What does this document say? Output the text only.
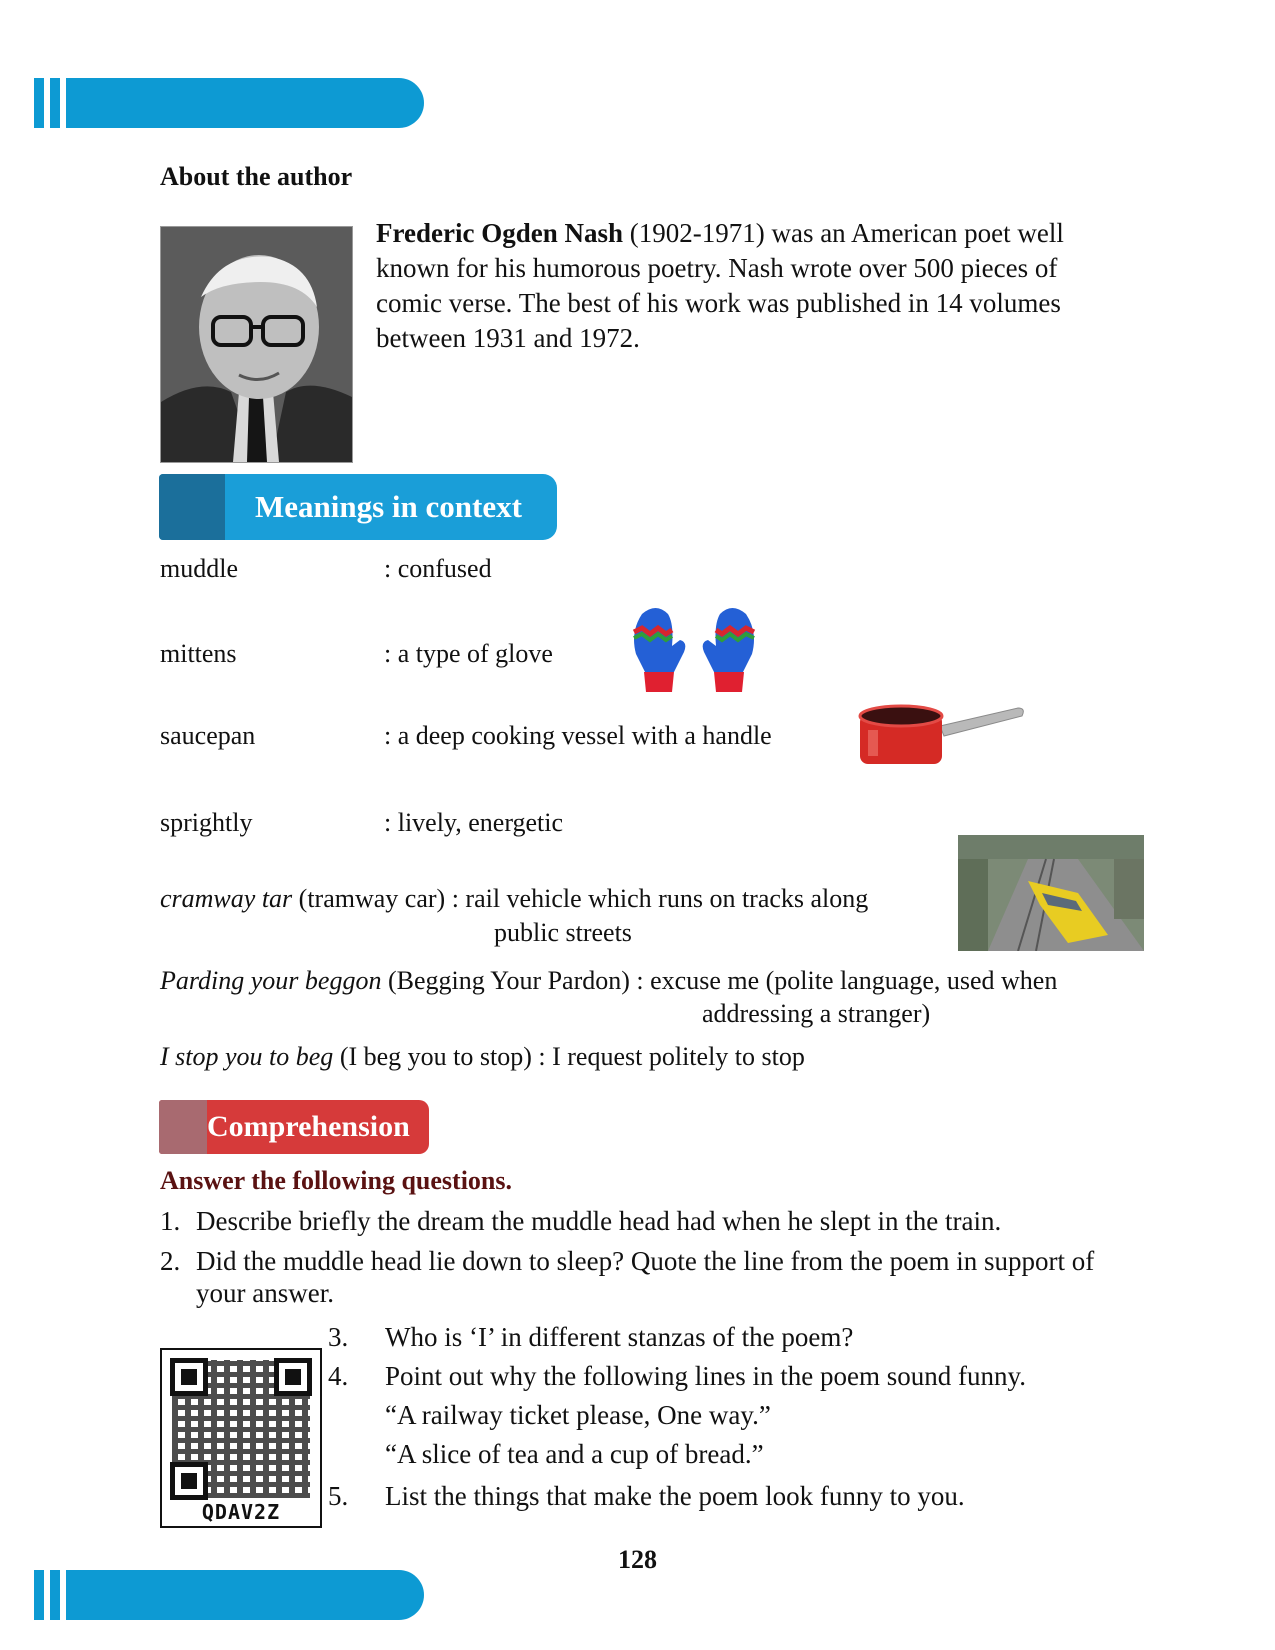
About the author
Frederic Ogden Nash (1902-1971) was an American poet well
known for his humorous poetry. Nash wrote over 500 pieces of
comic verse. The best of his work was published in 14 volumes
between 1931 and 1972.
Meanings in context
muddle	: confused
mittens	: a type of glove
saucepan	: a deep cooking vessel with a handle
sprightly	: lively, energetic
cramway tar (tramway car) : rail vehicle which runs on tracks along
public streets
Parding your beggon (Begging Your Pardon) : excuse me (polite language, used when
addressing a stranger)
I stop you to beg (I beg you to stop) : I request politely to stop
Comprehension
Answer the following questions.
1. Describe briefly the dream the muddle head had when he slept in the train.
2. Did the muddle head lie down to sleep? Quote the line from the poem in support of
your answer.
QDAV2Z
3. Who is ‘I’ in different stanzas of the poem?
4. Point out why the following lines in the poem sound funny.
“A railway ticket please, One way.”
“A slice of tea and a cup of bread.”
5. List the things that make the poem look funny to you.
128
